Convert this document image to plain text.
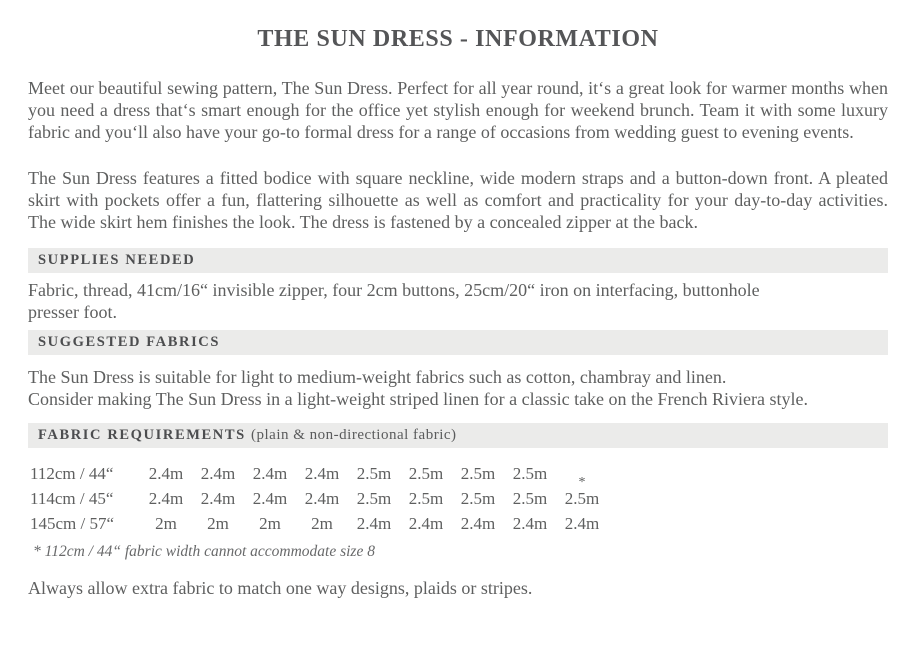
THE SUN DRESS - INFORMATION

Meet our beautiful sewing pattern, The Sun Dress. Perfect for all year round, it‘s a great look for warmer months when you need a dress that‘s smart enough for the office yet stylish enough for weekend brunch. Team it with some luxury fabric and you‘ll also have your go-to formal dress for a range of occasions from wedding guest to evening events.

The Sun Dress features a fitted bodice with square neckline, wide modern straps and a button-down front. A pleated skirt with pockets offer a fun, flattering silhouette as well as comfort and practicality for your day-to-day activities. The wide skirt hem finishes the look. The dress is fastened by a concealed zipper at the back.

SUPPLIES NEEDED

Fabric, thread, 41cm/16“ invisible zipper, four 2cm buttons, 25cm/20“ iron on interfacing, buttonhole presser foot.

SUGGESTED FABRICS

The Sun Dress is suitable for light to medium-weight fabrics such as cotton, chambray and linen.
Consider making The Sun Dress in a light-weight striped linen for a classic take on the French Riviera style.

FABRIC REQUIREMENTS (plain & non-directional fabric)
112cm / 44“	2.4m	2.4m	2.4m	2.4m	2.5m	2.5m	2.5m	2.5m	*
114cm / 45“	2.4m	2.4m	2.4m	2.4m	2.5m	2.5m	2.5m	2.5m	2.5m
145cm / 57“	2m	2m	2m	2m	2.4m	2.4m	2.4m	2.4m	2.4m

* 112cm / 44“ fabric width cannot accommodate size 8

Always allow extra fabric to match one way designs, plaids or stripes.
